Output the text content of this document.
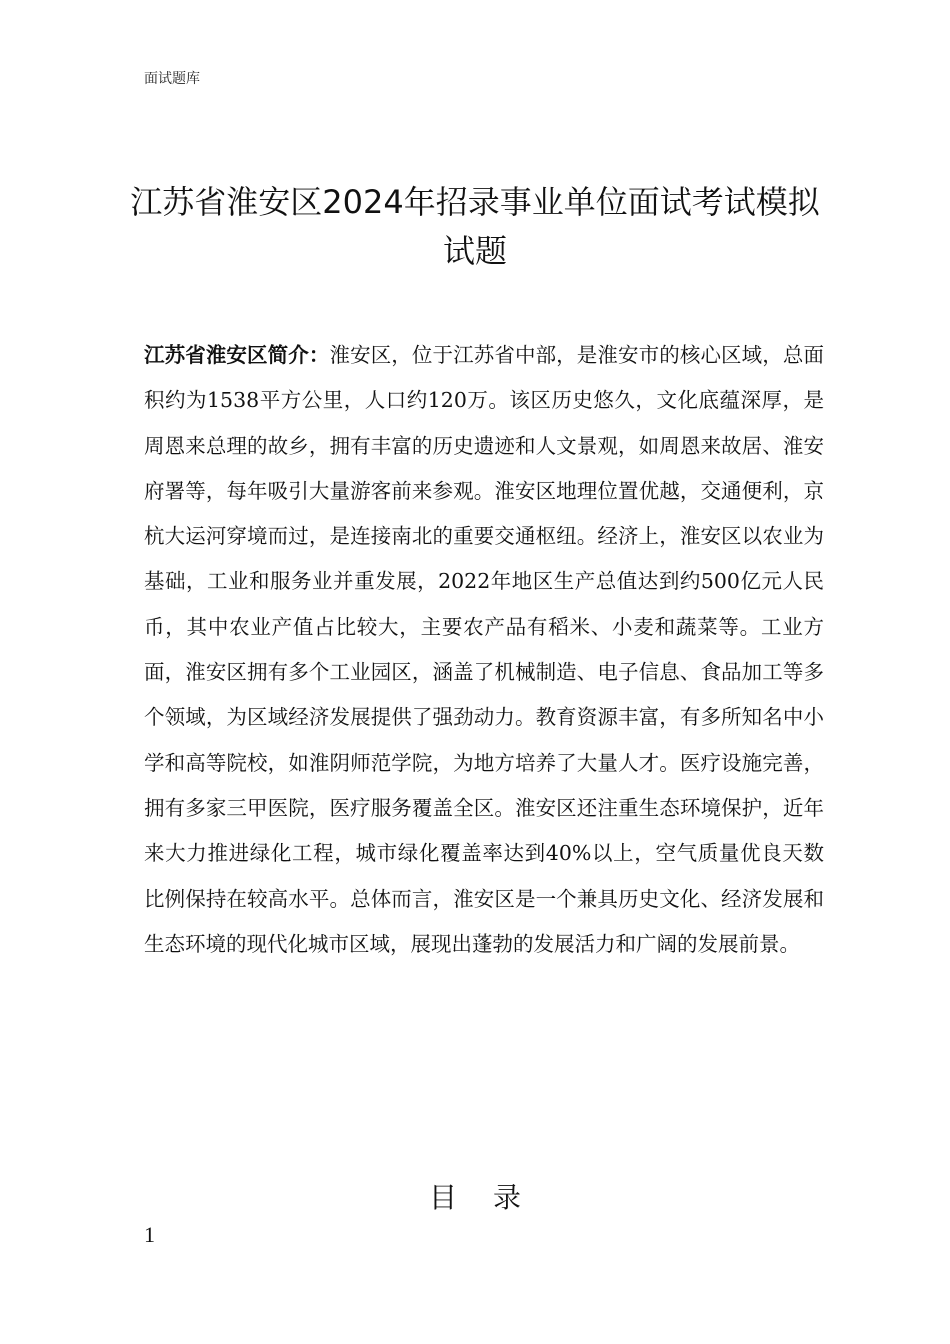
面试题库
江苏省淮安区2024年招录事业单位面试考试模拟试题

江苏省淮安区简介：淮安区，位于江苏省中部，是淮安市的核心区域，总面积约为1538平方公里，人口约120万。该区历史悠久，文化底蕴深厚，是周恩来总理的故乡，拥有丰富的历史遗迹和人文景观，如周恩来故居、淮安府署等，每年吸引大量游客前来参观。淮安区地理位置优越，交通便利，京杭大运河穿境而过，是连接南北的重要交通枢纽。经济上，淮安区以农业为基础，工业和服务业并重发展，2022年地区生产总值达到约500亿元人民币，其中农业产值占比较大，主要农产品有稻米、小麦和蔬菜等。工业方面，淮安区拥有多个工业园区，涵盖了机械制造、电子信息、食品加工等多个领域，为区域经济发展提供了强劲动力。教育资源丰富，有多所知名中小学和高等院校，如淮阴师范学院，为地方培养了大量人才。医疗设施完善，拥有多家三甲医院，医疗服务覆盖全区。淮安区还注重生态环境保护，近年来大力推进绿化工程，城市绿化覆盖率达到40%以上，空气质量优良天数比例保持在较高水平。总体而言，淮安区是一个兼具历史文化、经济发展和生态环境的现代化城市区域，展现出蓬勃的发展活力和广阔的发展前景。

目录
1
